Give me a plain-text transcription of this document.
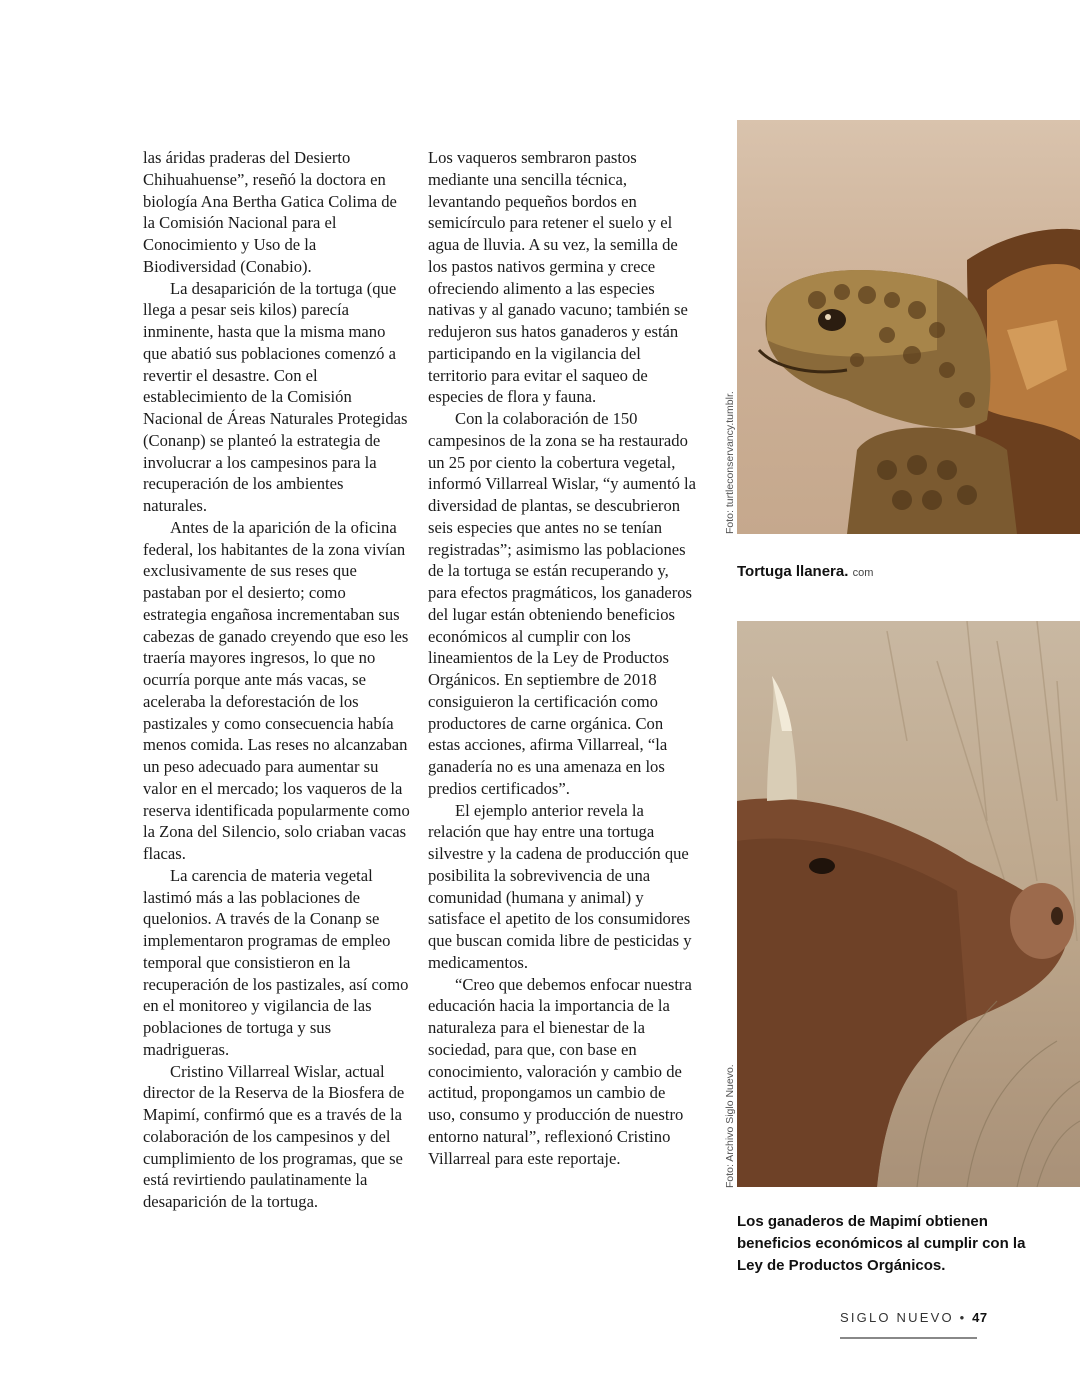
las áridas praderas del Desierto Chihuahuense”, reseñó la doctora en biología Ana Bertha Gatica Colima de la Comisión Nacional para el Conocimiento y Uso de la Biodiversidad (Conabio).

La desaparición de la tortuga (que llega a pesar seis kilos) parecía inminente, hasta que la misma mano que abatió sus poblaciones comenzó a revertir el desastre. Con el establecimiento de la Comisión Nacional de Áreas Naturales Protegidas (Conanp) se planteó la estrategia de involucrar a los campesinos para la recuperación de los ambientes naturales.

Antes de la aparición de la oficina federal, los habitantes de la zona vivían exclusivamente de sus reses que pastaban por el desierto; como estrategia engañosa incrementaban sus cabezas de ganado creyendo que eso les traería mayores ingresos, lo que no ocurría porque ante más vacas, se aceleraba la deforestación de los pastizales y como consecuencia había menos comida. Las reses no alcanzaban un peso adecuado para aumentar su valor en el mercado; los vaqueros de la reserva identificada popularmente como la Zona del Silencio, solo criaban vacas flacas.

La carencia de materia vegetal lastimó más a las poblaciones de quelonios. A través de la Conanp se implementaron programas de empleo temporal que consistieron en la recuperación de los pastizales, así como en el monitoreo y vigilancia de las poblaciones de tortuga y sus madrigueras.

Cristino Villarreal Wislar, actual director de la Reserva de la Biosfera de Mapimí, confirmó que es a través de la colaboración de los campesinos y del cumplimiento de los programas, que se está revirtiendo paulatinamente la desaparición de la tortuga.

Los vaqueros sembraron pastos mediante una sencilla técnica, levantando pequeños bordos en semicírculo para retener el suelo y el agua de lluvia. A su vez, la semilla de los pastos nativos germina y crece ofreciendo alimento a las especies nativas y al ganado vacuno; también se redujeron sus hatos ganaderos y están participando en la vigilancia del territorio para evitar el saqueo de especies de flora y fauna.

Con la colaboración de 150 campesinos de la zona se ha restaurado un 25 por ciento la cobertura vegetal, informó Villarreal Wislar, “y aumentó la diversidad de plantas, se descubrieron seis especies que antes no se tenían registradas”; asimismo las poblaciones de la tortuga se están recuperando y, para efectos pragmáticos, los ganaderos del lugar están obteniendo beneficios económicos al cumplir con los lineamientos de la Ley de Productos Orgánicos. En septiembre de 2018 consiguieron la certificación como productores de carne orgánica. Con estas acciones, afirma Villarreal, “la ganadería no es una amenaza en los predios certificados”.

El ejemplo anterior revela la relación que hay entre una tortuga silvestre y la cadena de producción que posibilita la sobrevivencia de una comunidad (humana y animal) y satisface el apetito de los consumidores que buscan comida libre de pesticidas y medicamentos.

“Creo que debemos enfocar nuestra educación hacia la importancia de la naturaleza para el bienestar de la sociedad, para que, con base en conocimiento, valoración y cambio de actitud, propongamos un cambio de uso, consumo y producción de nuestro entorno natural”, reflexionó Cristino Villarreal para este reportaje.

Foto: turtleconservancy.tumblr.
Tortuga llanera. com
Foto: Archivo Siglo Nuevo.
Los ganaderos de Mapimí obtienen beneficios económicos al cumplir con la Ley de Productos Orgánicos.
SIGLO NUEVO • 47
